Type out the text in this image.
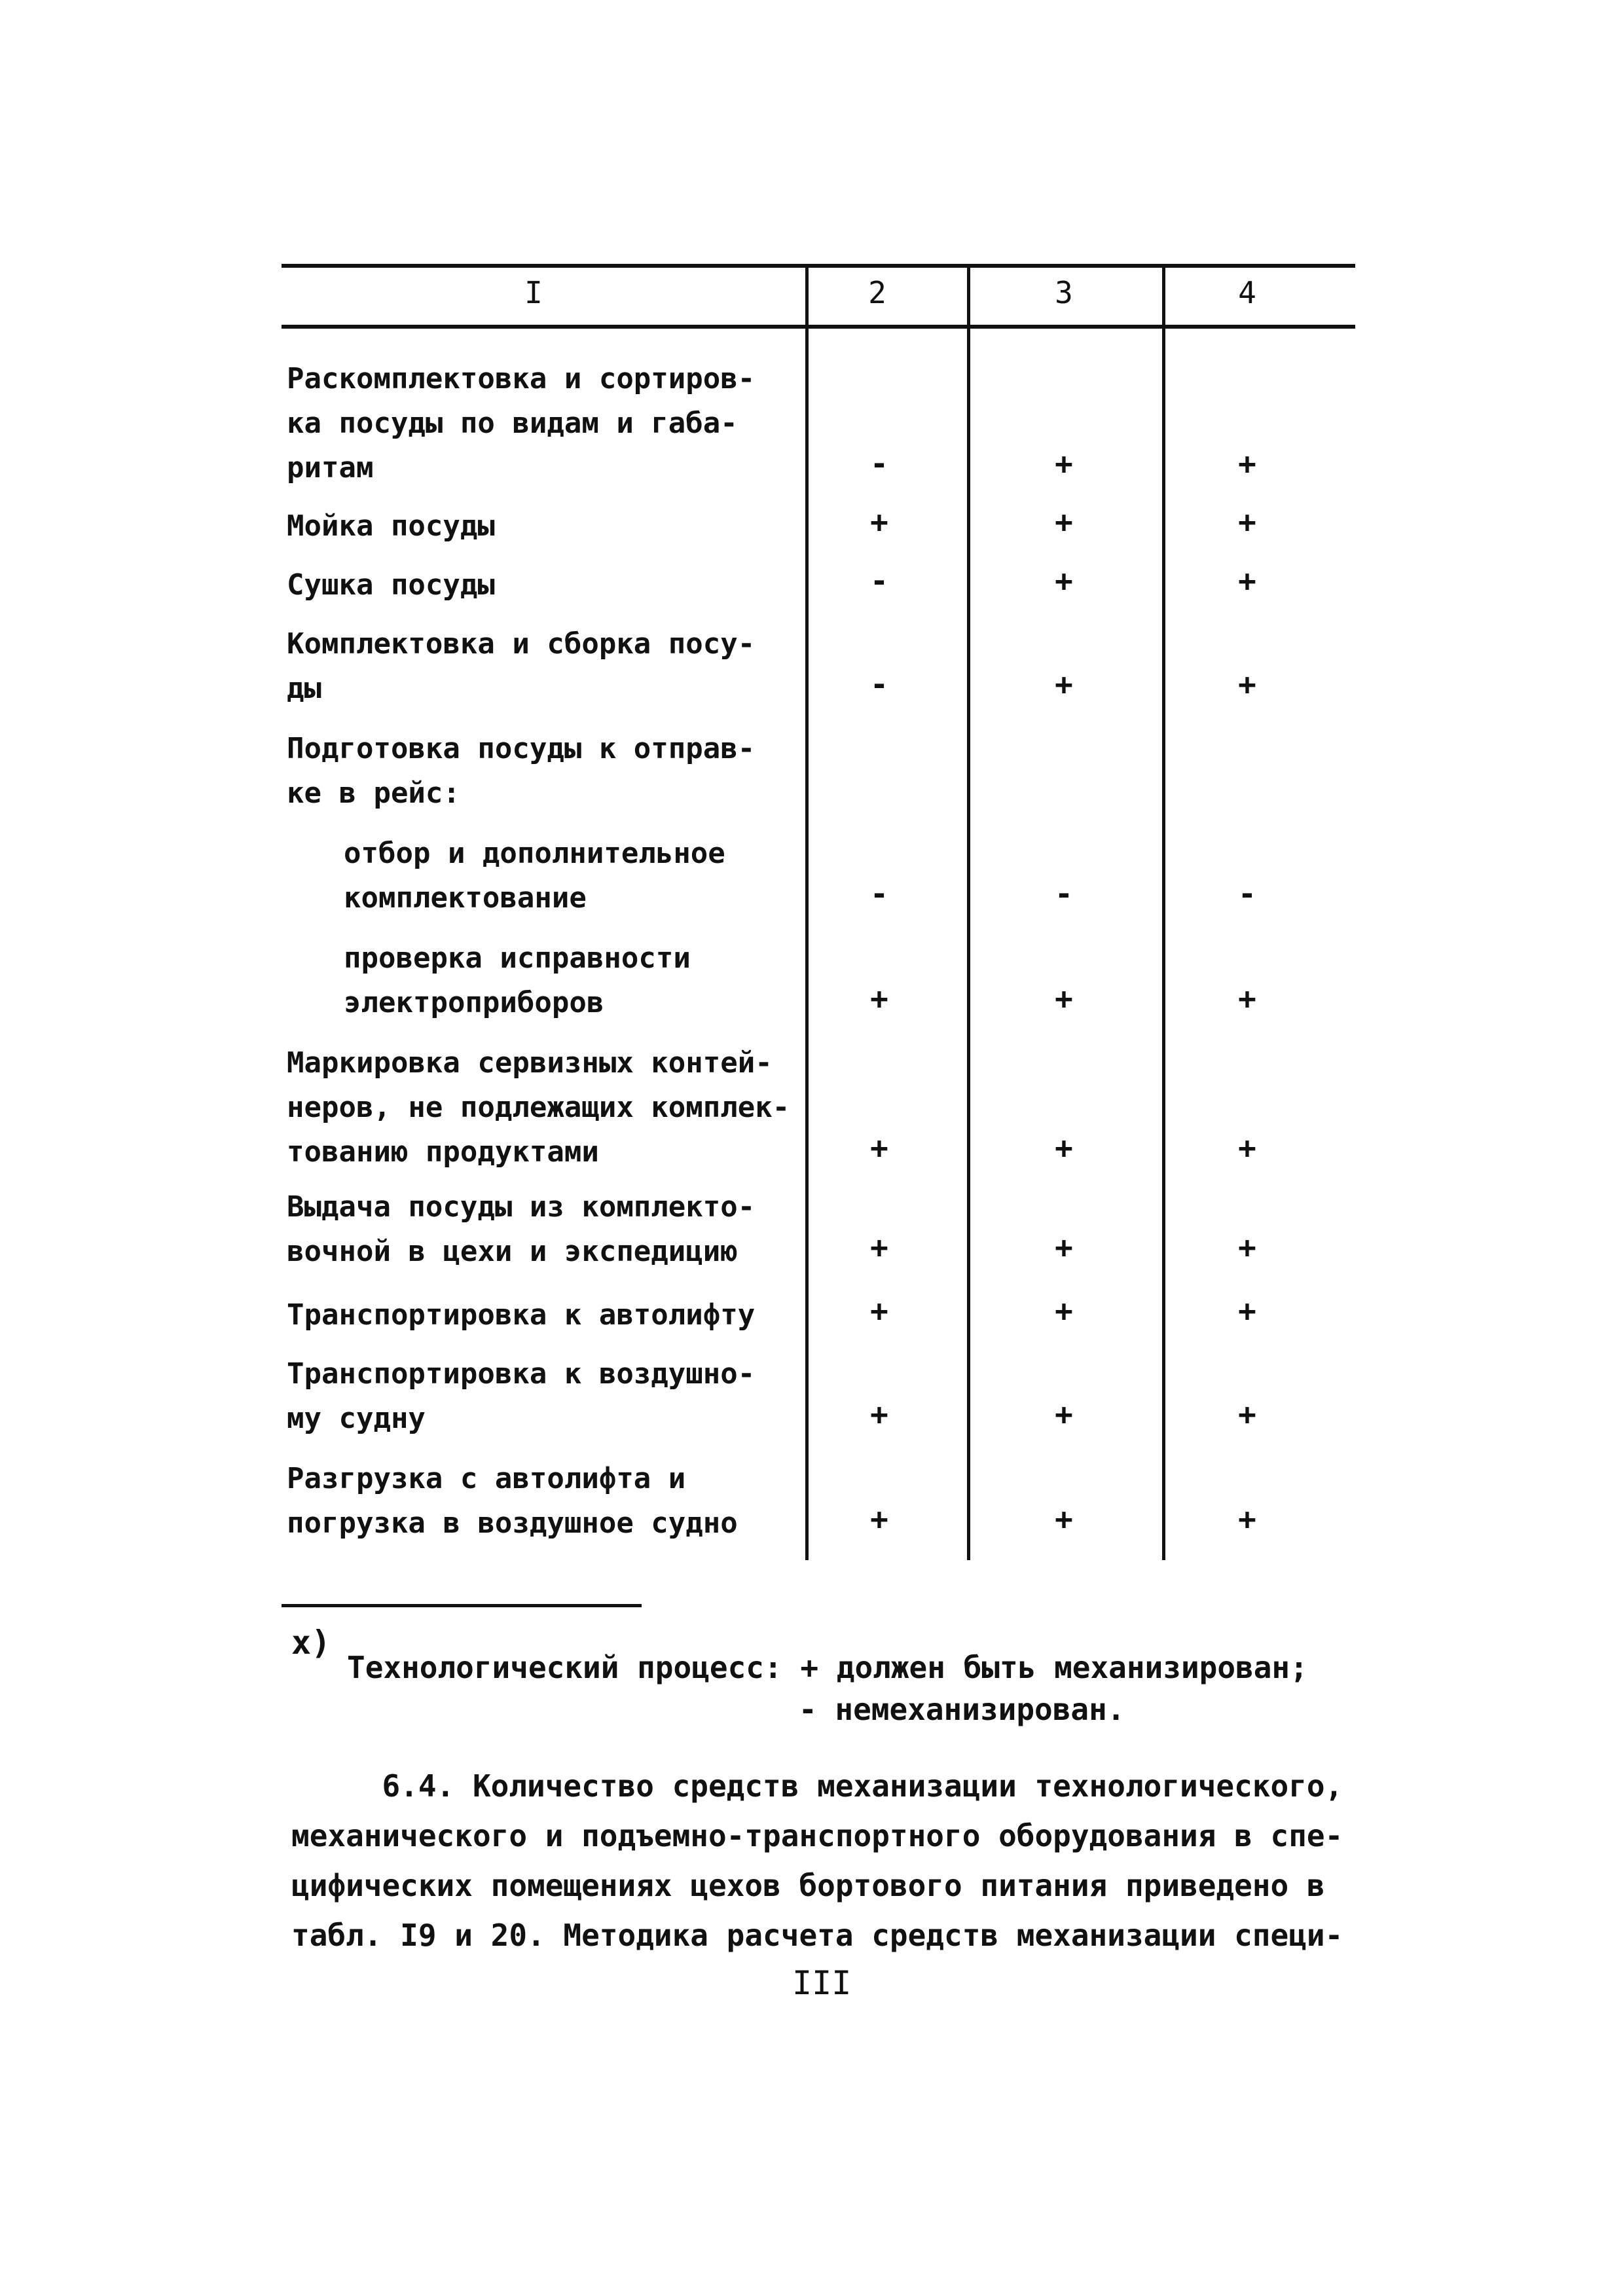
I	2	3	4
Раскомплектовка и сортиров-
ка посуды по видам и габа-
ритам	-	+	+
Мойка посуды	+	+	+
Сушка посуды	-	+	+
Комплектовка и сборка посу-
ды	-	+	+
Подготовка посуды к отправ-
ке в рейс:
отбор и дополнительное
комплектование	-	-	-
проверка исправности
электроприборов	+	+	+
Маркировка сервизных контей-
неров, не подлежащих комплек-
тованию продуктами	+	+	+
Выдача посуды из комплекто-
вочной в цехи и экспедицию	+	+	+
Транспортировка к автолифту	+	+	+
Транспортировка к воздушно-
му судну	+	+	+
Разгрузка с автолифта и
погрузка в воздушное судно	+	+	+
x)
Технологический процесс: + должен быть механизирован;
- немеханизирован.
6.4. Количество средств механизации технологического,
механического и подъемно-транспортного оборудования в спе-
цифических помещениях цехов бортового питания приведено в
табл. I9 и 20. Методика расчета средств механизации специ-
III
